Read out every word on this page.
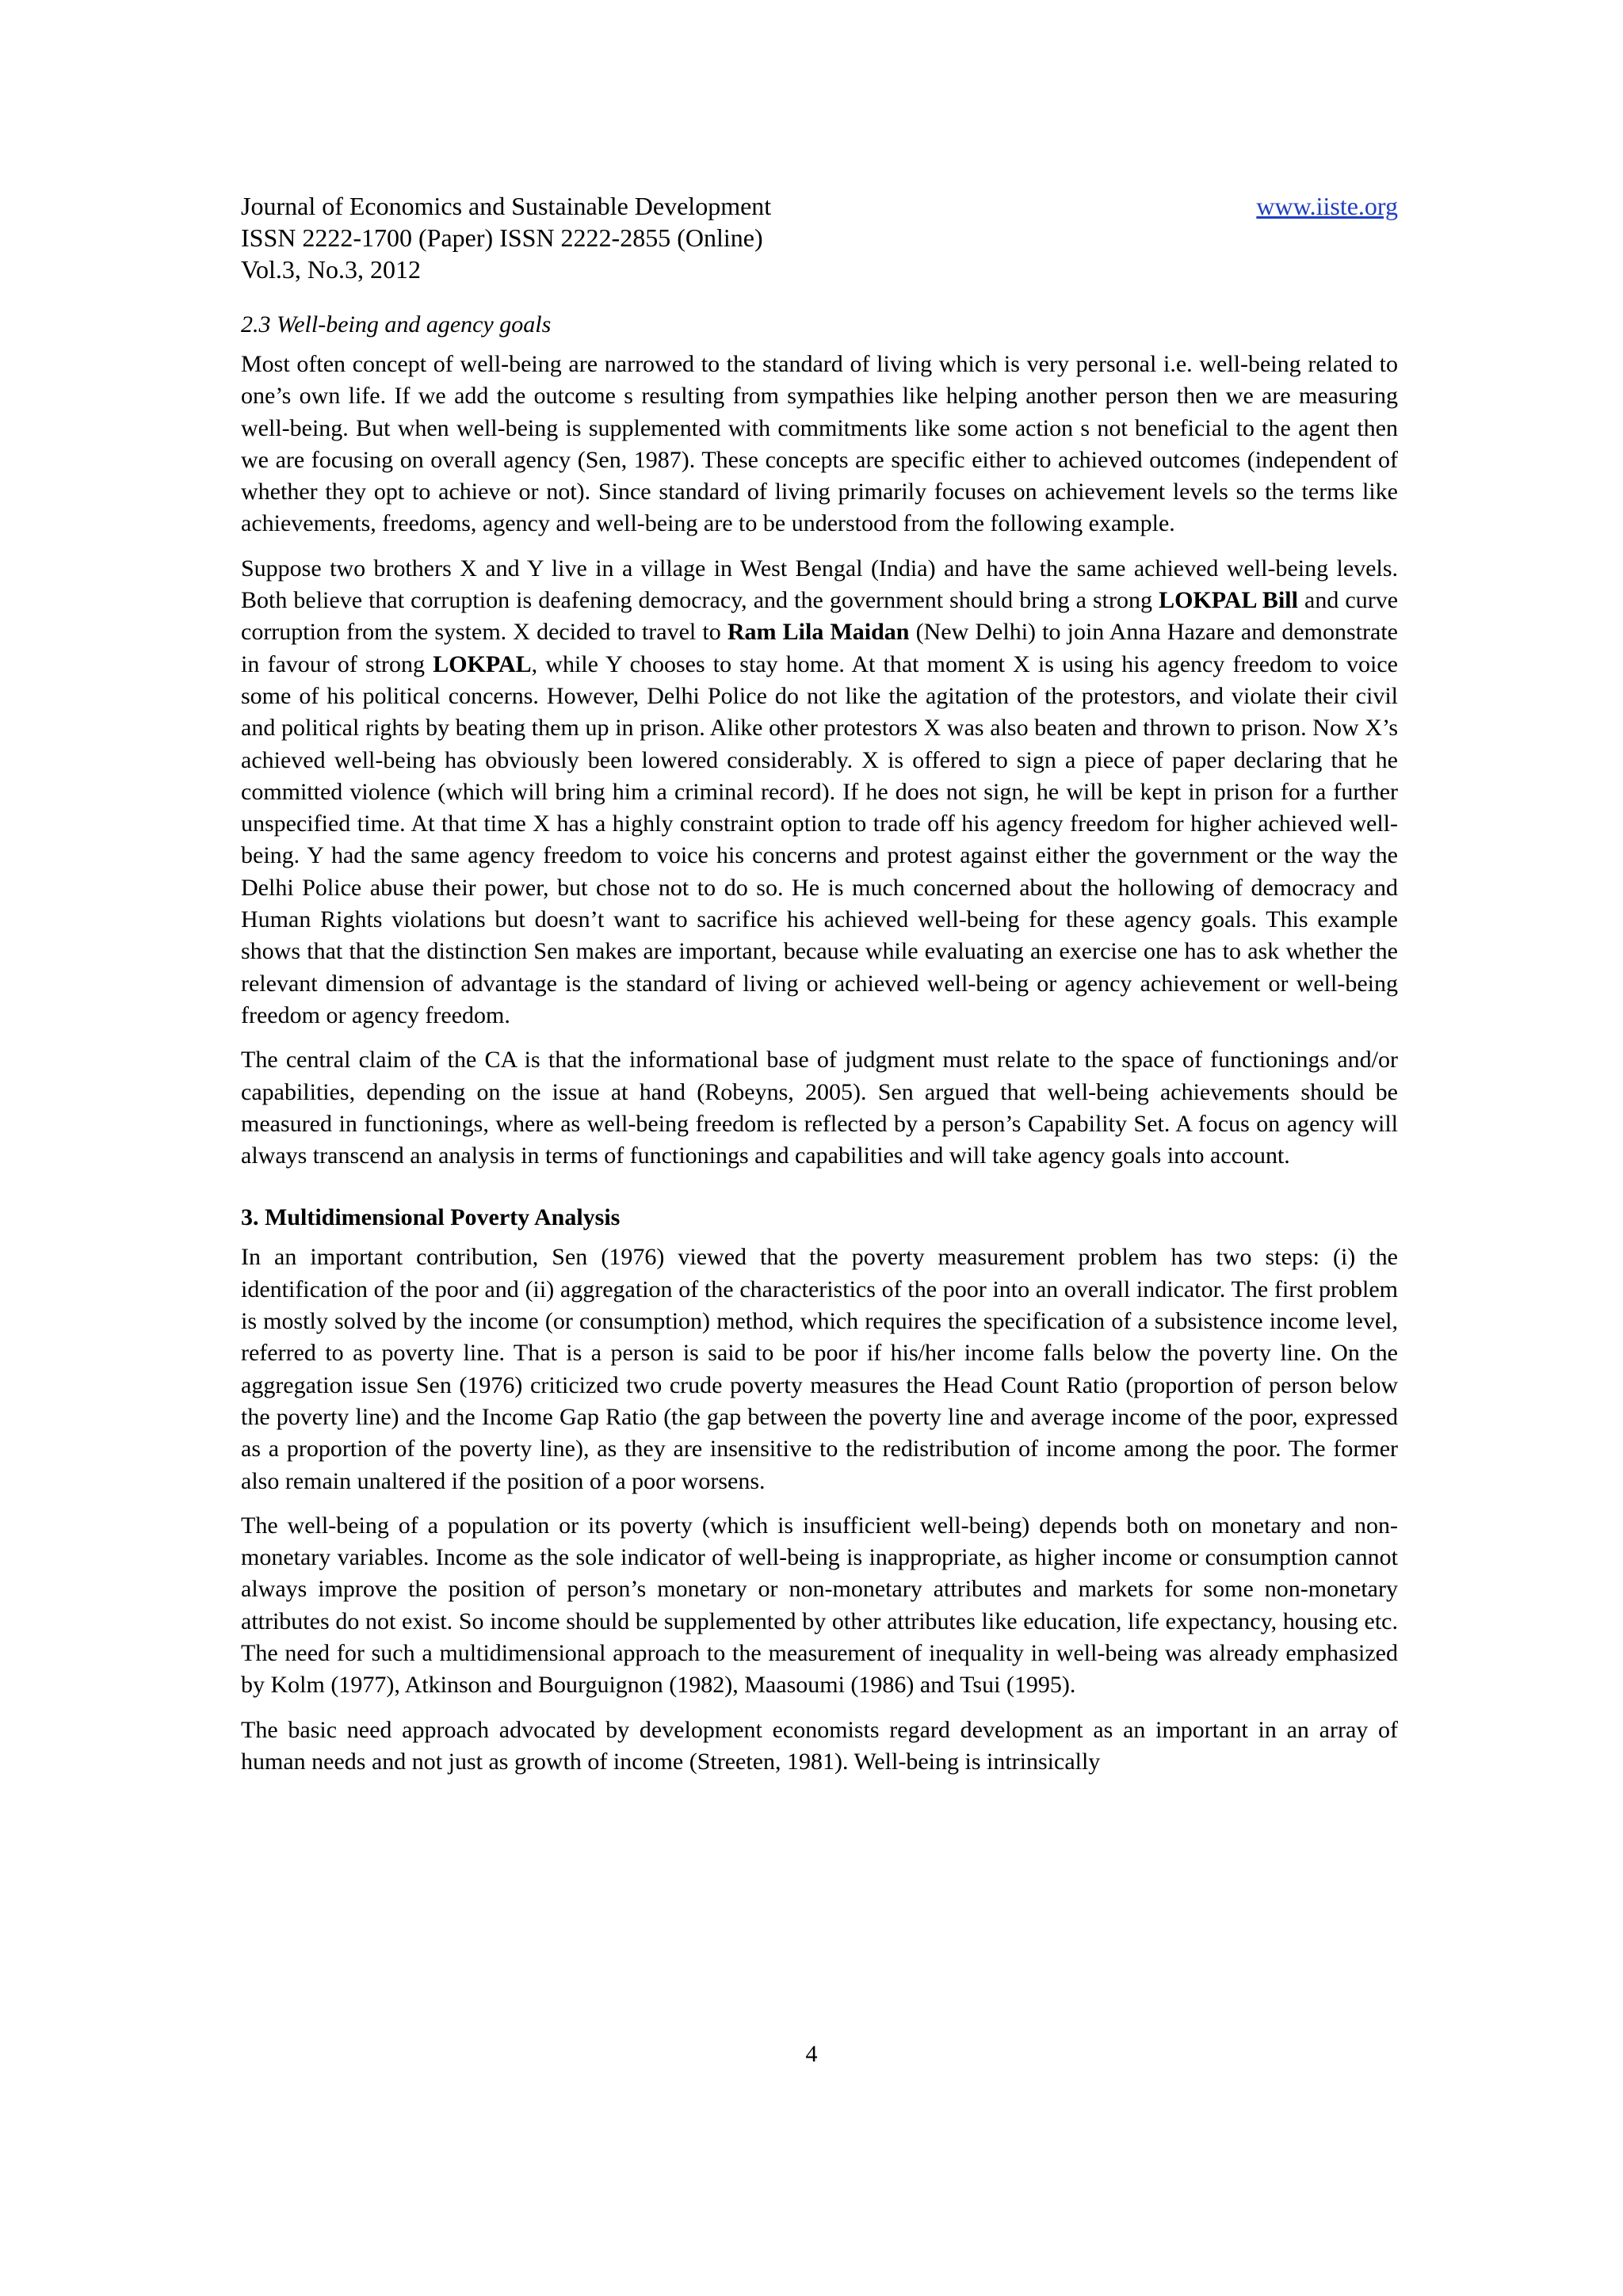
Journal of Economics and Sustainable Development
ISSN 2222-1700 (Paper) ISSN 2222-2855 (Online)
Vol.3, No.3, 2012
www.iiste.org
2.3 Well-being and agency goals

Most often concept of well-being are narrowed to the standard of living which is very personal i.e. well-being related to one’s own life. If we add the outcome s resulting from sympathies like helping another person then we are measuring well-being. But when well-being is supplemented with commitments like some action s not beneficial to the agent then we are focusing on overall agency (Sen, 1987). These concepts are specific either to achieved outcomes (independent of whether they opt to achieve or not). Since standard of living primarily focuses on achievement levels so the terms like achievements, freedoms, agency and well-being are to be understood from the following example.

Suppose two brothers X and Y live in a village in West Bengal (India) and have the same achieved well-being levels. Both believe that corruption is deafening democracy, and the government should bring a strong LOKPAL Bill and curve corruption from the system. X decided to travel to Ram Lila Maidan (New Delhi) to join Anna Hazare and demonstrate in favour of strong LOKPAL, while Y chooses to stay home. At that moment X is using his agency freedom to voice some of his political concerns. However, Delhi Police do not like the agitation of the protestors, and violate their civil and political rights by beating them up in prison. Alike other protestors X was also beaten and thrown to prison. Now X’s achieved well-being has obviously been lowered considerably. X is offered to sign a piece of paper declaring that he committed violence (which will bring him a criminal record). If he does not sign, he will be kept in prison for a further unspecified time. At that time X has a highly constraint option to trade off his agency freedom for higher achieved well-being. Y had the same agency freedom to voice his concerns and protest against either the government or the way the Delhi Police abuse their power, but chose not to do so. He is much concerned about the hollowing of democracy and Human Rights violations but doesn’t want to sacrifice his achieved well-being for these agency goals. This example shows that that the distinction Sen makes are important, because while evaluating an exercise one has to ask whether the relevant dimension of advantage is the standard of living or achieved well-being or agency achievement or well-being freedom or agency freedom.

The central claim of the CA is that the informational base of judgment must relate to the space of functionings and/or capabilities, depending on the issue at hand (Robeyns, 2005). Sen argued that well-being achievements should be measured in functionings, where as well-being freedom is reflected by a person’s Capability Set. A focus on agency will always transcend an analysis in terms of functionings and capabilities and will take agency goals into account.

3. Multidimensional Poverty Analysis

In an important contribution, Sen (1976) viewed that the poverty measurement problem has two steps: (i) the identification of the poor and (ii) aggregation of the characteristics of the poor into an overall indicator. The first problem is mostly solved by the income (or consumption) method, which requires the specification of a subsistence income level, referred to as poverty line. That is a person is said to be poor if his/her income falls below the poverty line. On the aggregation issue Sen (1976) criticized two crude poverty measures the Head Count Ratio (proportion of person below the poverty line) and the Income Gap Ratio (the gap between the poverty line and average income of the poor, expressed as a proportion of the poverty line), as they are insensitive to the redistribution of income among the poor. The former also remain unaltered if the position of a poor worsens.

The well-being of a population or its poverty (which is insufficient well-being) depends both on monetary and non-monetary variables. Income as the sole indicator of well-being is inappropriate, as higher income or consumption cannot always improve the position of person’s monetary or non-monetary attributes and markets for some non-monetary attributes do not exist. So income should be supplemented by other attributes like education, life expectancy, housing etc. The need for such a multidimensional approach to the measurement of inequality in well-being was already emphasized by Kolm (1977), Atkinson and Bourguignon (1982), Maasoumi (1986) and Tsui (1995).

The basic need approach advocated by development economists regard development as an important in an array of human needs and not just as growth of income (Streeten, 1981). Well-being is intrinsically

4
